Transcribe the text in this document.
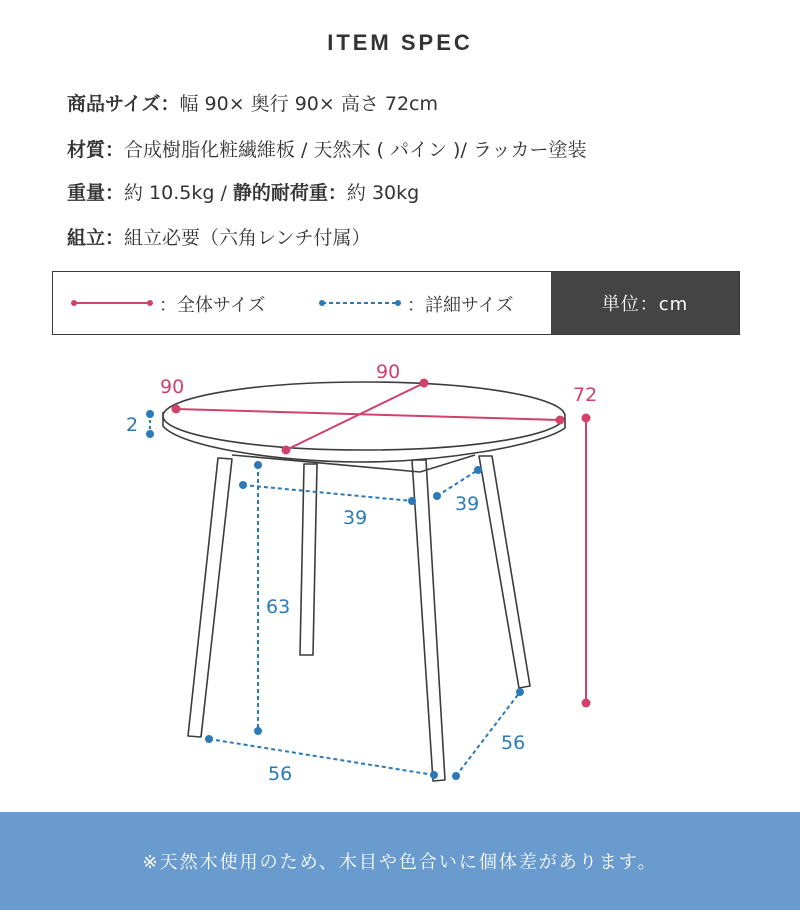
ITEM SPEC
商品サイズ：幅 90× 奥行 90× 高さ 72cm
材質：合成樹脂化粧繊維板 / 天然木 ( パイン )/ ラッカー塗装
重量：約 10.5kg / 静的耐荷重：約 30kg
組立：組立必要（六角レンチ付属）
：全体サイズ	：詳細サイズ	単位：cm
90
90
72
2
39
39
63
56
56
※天然木使用のため、木目や色合いに個体差があります。
